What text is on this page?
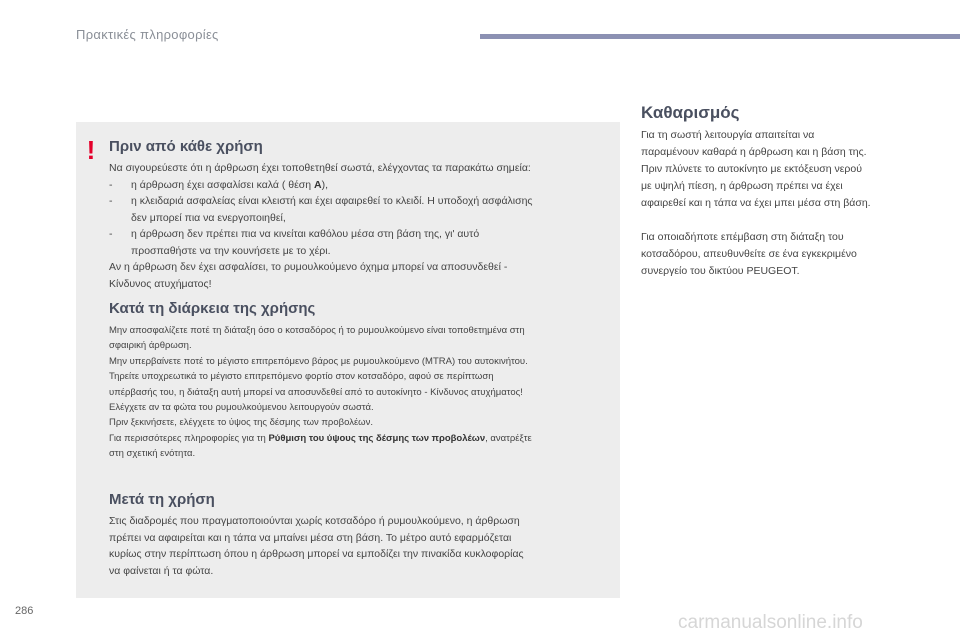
Πρακτικές πληροφορίες
! Πριν από κάθε χρήση
Να σιγουρεύεστε ότι η άρθρωση έχει τοποθετηθεί σωστά, ελέγχοντας τα παρακάτω σημεία:
-	η άρθρωση έχει ασφαλίσει καλά ( θέση A),
-	η κλειδαριά ασφαλείας είναι κλειστή και έχει αφαιρεθεί το κλειδί. Η υποδοχή ασφάλισης
δεν μπορεί πια να ενεργοποιηθεί,
-	η άρθρωση δεν πρέπει πια να κινείται καθόλου μέσα στη βάση της, γι' αυτό
προσπαθήστε να την κουνήσετε με το χέρι.
Αν η άρθρωση δεν έχει ασφαλίσει, το ρυμουλκούμενο όχημα μπορεί να αποσυνδεθεί -
Κίνδυνος ατυχήματος!
Κατά τη διάρκεια της χρήσης
Μην αποσφαλίζετε ποτέ τη διάταξη όσο ο κοτσαδόρος ή το ρυμουλκούμενο είναι τοποθετημένα στη
σφαιρική άρθρωση.
Μην υπερβαίνετε ποτέ το μέγιστο επιτρεπόμενο βάρος με ρυμουλκούμενο (MTRA) του αυτοκινήτου.
Τηρείτε υποχρεωτικά το μέγιστο επιτρεπόμενο φορτίο στον κοτσαδόρο, αφού σε περίπτωση
υπέρβασής του, η διάταξη αυτή μπορεί να αποσυνδεθεί από το αυτοκίνητο - Κίνδυνος ατυχήματος!
Ελέγχετε αν τα φώτα του ρυμουλκούμενου λειτουργούν σωστά.
Πριν ξεκινήσετε, ελέγχετε το ύψος της δέσμης των προβολέων.
Για περισσότερες πληροφορίες για τη Ρύθμιση του ύψους της δέσμης των προβολέων, ανατρέξτε
στη σχετική ενότητα.
Μετά τη χρήση
Στις διαδρομές που πραγματοποιούνται χωρίς κοτσαδόρο ή ρυμουλκούμενο, η άρθρωση
πρέπει να αφαιρείται και η τάπα να μπαίνει μέσα στη βάση. Το μέτρο αυτό εφαρμόζεται
κυρίως στην περίπτωση όπου η άρθρωση μπορεί να εμποδίζει την πινακίδα κυκλοφορίας
να φαίνεται ή τα φώτα.
Καθαρισμός
Για τη σωστή λειτουργία απαιτείται να
παραμένουν καθαρά η άρθρωση και η βάση της.
Πριν πλύνετε το αυτοκίνητο με εκτόξευση νερού
με υψηλή πίεση, η άρθρωση πρέπει να έχει
αφαιρεθεί και η τάπα να έχει μπει μέσα στη βάση.
Για οποιαδήποτε επέμβαση στη διάταξη του
κοτσαδόρου, απευθυνθείτε σε ένα εγκεκριμένο
συνεργείο του δικτύου PEUGEOT.
286
carmanualsonline.info
